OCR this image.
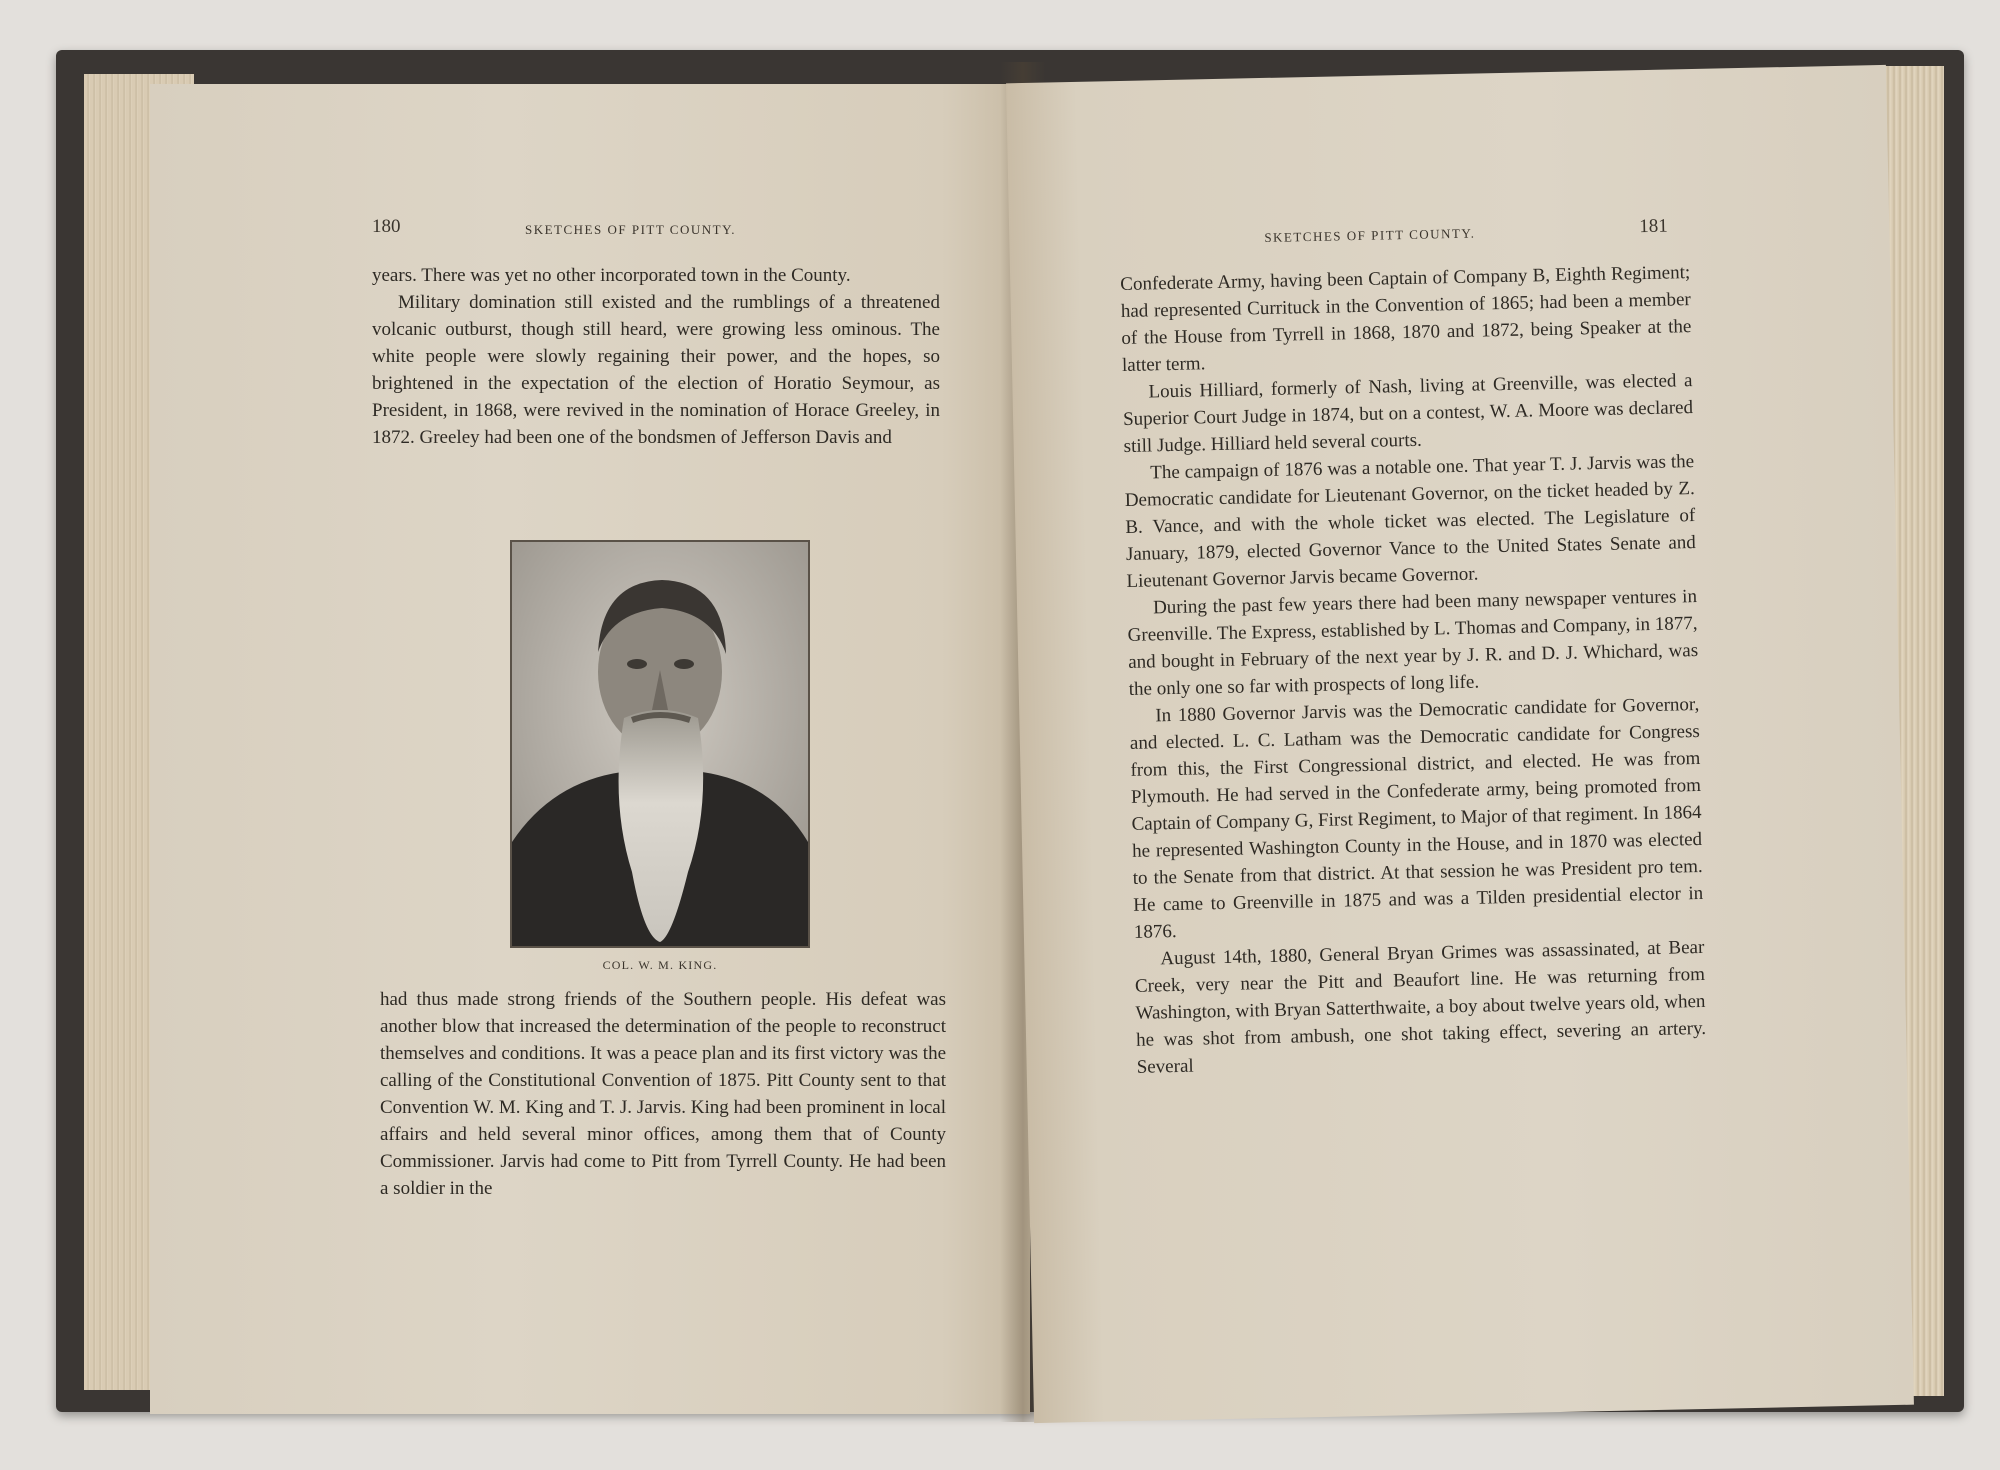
180	SKETCHES OF PITT COUNTY.

years. There was yet no other incorporated town in the County.

Military domination still existed and the rumblings of a threatened volcanic outburst, though still heard, were growing less ominous. The white people were slowly regaining their power, and the hopes, so brightened in the expectation of the election of Horatio Seymour, as President, in 1868, were revived in the nomination of Horace Greeley, in 1872. Greeley had been one of the bondsmen of Jefferson Davis and

COL. W. M. KING.

had thus made strong friends of the Southern people. His defeat was another blow that increased the determination of the people to reconstruct themselves and conditions. It was a peace plan and its first victory was the calling of the Constitutional Convention of 1875. Pitt County sent to that Convention W. M. King and T. J. Jarvis. King had been prominent in local affairs and held several minor offices, among them that of County Commissioner. Jarvis had come to Pitt from Tyrrell County. He had been a soldier in the

SKETCHES OF PITT COUNTY.	181

Confederate Army, having been Captain of Company B, Eighth Regiment; had represented Currituck in the Convention of 1865; had been a member of the House from Tyrrell in 1868, 1870 and 1872, being Speaker at the latter term.

Louis Hilliard, formerly of Nash, living at Greenville, was elected a Superior Court Judge in 1874, but on a contest, W. A. Moore was declared still Judge. Hilliard held several courts.

The campaign of 1876 was a notable one. That year T. J. Jarvis was the Democratic candidate for Lieutenant Governor, on the ticket headed by Z. B. Vance, and with the whole ticket was elected. The Legislature of January, 1879, elected Governor Vance to the United States Senate and Lieutenant Governor Jarvis became Governor.

During the past few years there had been many newspaper ventures in Greenville. The Express, established by L. Thomas and Company, in 1877, and bought in February of the next year by J. R. and D. J. Whichard, was the only one so far with prospects of long life.

In 1880 Governor Jarvis was the Democratic candidate for Governor, and elected. L. C. Latham was the Democratic candidate for Congress from this, the First Congressional district, and elected. He was from Plymouth. He had served in the Confederate army, being promoted from Captain of Company G, First Regiment, to Major of that regiment. In 1864 he represented Washington County in the House, and in 1870 was elected to the Senate from that district. At that session he was President pro tem. He came to Greenville in 1875 and was a Tilden presidential elector in 1876.

August 14th, 1880, General Bryan Grimes was assassinated, at Bear Creek, very near the Pitt and Beaufort line. He was returning from Washington, with Bryan Satterthwaite, a boy about twelve years old, when he was shot from ambush, one shot taking effect, severing an artery. Several
